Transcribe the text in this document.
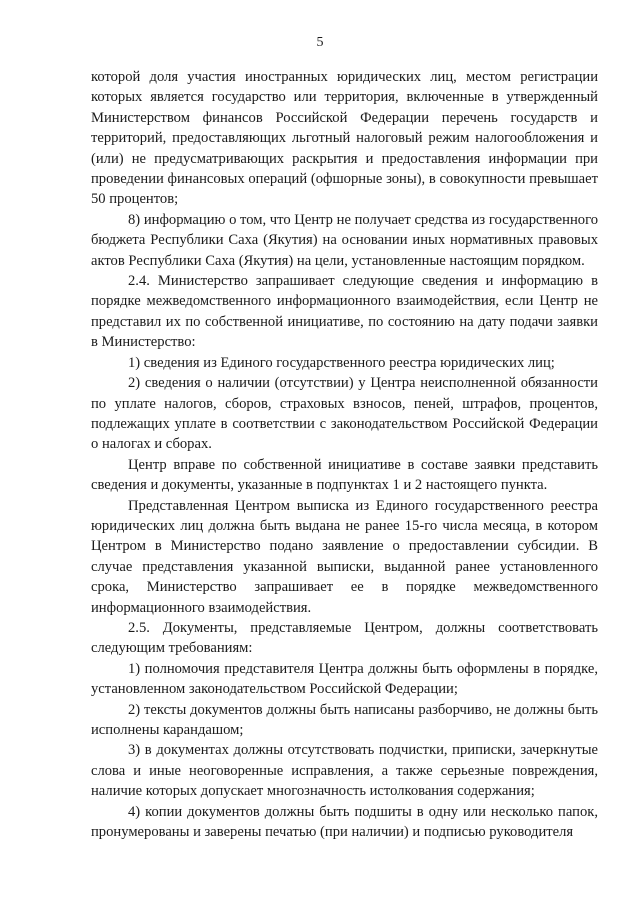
5

которой доля участия иностранных юридических лиц, местом регистрации которых является государство или территория, включенные в утвержденный Министерством финансов Российской Федерации перечень государств и территорий, предоставляющих льготный налоговый режим налогообложения и (или) не предусматривающих раскрытия и предоставления информации при проведении финансовых операций (офшорные зоны), в совокупности превышает 50 процентов;

8) информацию о том, что Центр не получает средства из государственного бюджета Республики Саха (Якутия) на основании иных нормативных правовых актов Республики Саха (Якутия) на цели, установленные настоящим порядком.

2.4. Министерство запрашивает следующие сведения и информацию в порядке межведомственного информационного взаимодействия, если Центр не представил их по собственной инициативе, по состоянию на дату подачи заявки в Министерство:

1) сведения из Единого государственного реестра юридических лиц;

2) сведения о наличии (отсутствии) у Центра неисполненной обязанности по уплате налогов, сборов, страховых взносов, пеней, штрафов, процентов, подлежащих уплате в соответствии с законодательством Российской Федерации о налогах и сборах.

Центр вправе по собственной инициативе в составе заявки представить сведения и документы, указанные в подпунктах 1 и 2 настоящего пункта.

Представленная Центром выписка из Единого государственного реестра юридических лиц должна быть выдана не ранее 15-го числа месяца, в котором Центром в Министерство подано заявление о предоставлении субсидии. В случае представления указанной выписки, выданной ранее установленного срока, Министерство запрашивает ее в порядке межведомственного информационного взаимодействия.

2.5. Документы, представляемые Центром, должны соответствовать следующим требованиям:

1) полномочия представителя Центра должны быть оформлены в порядке, установленном законодательством Российской Федерации;

2) тексты документов должны быть написаны разборчиво, не должны быть исполнены карандашом;

3) в документах должны отсутствовать подчистки, приписки, зачеркнутые слова и иные неоговоренные исправления, а также серьезные повреждения, наличие которых допускает многозначность истолкования содержания;

4) копии документов должны быть подшиты в одну или несколько папок, пронумерованы и заверены печатью (при наличии) и подписью руководителя
